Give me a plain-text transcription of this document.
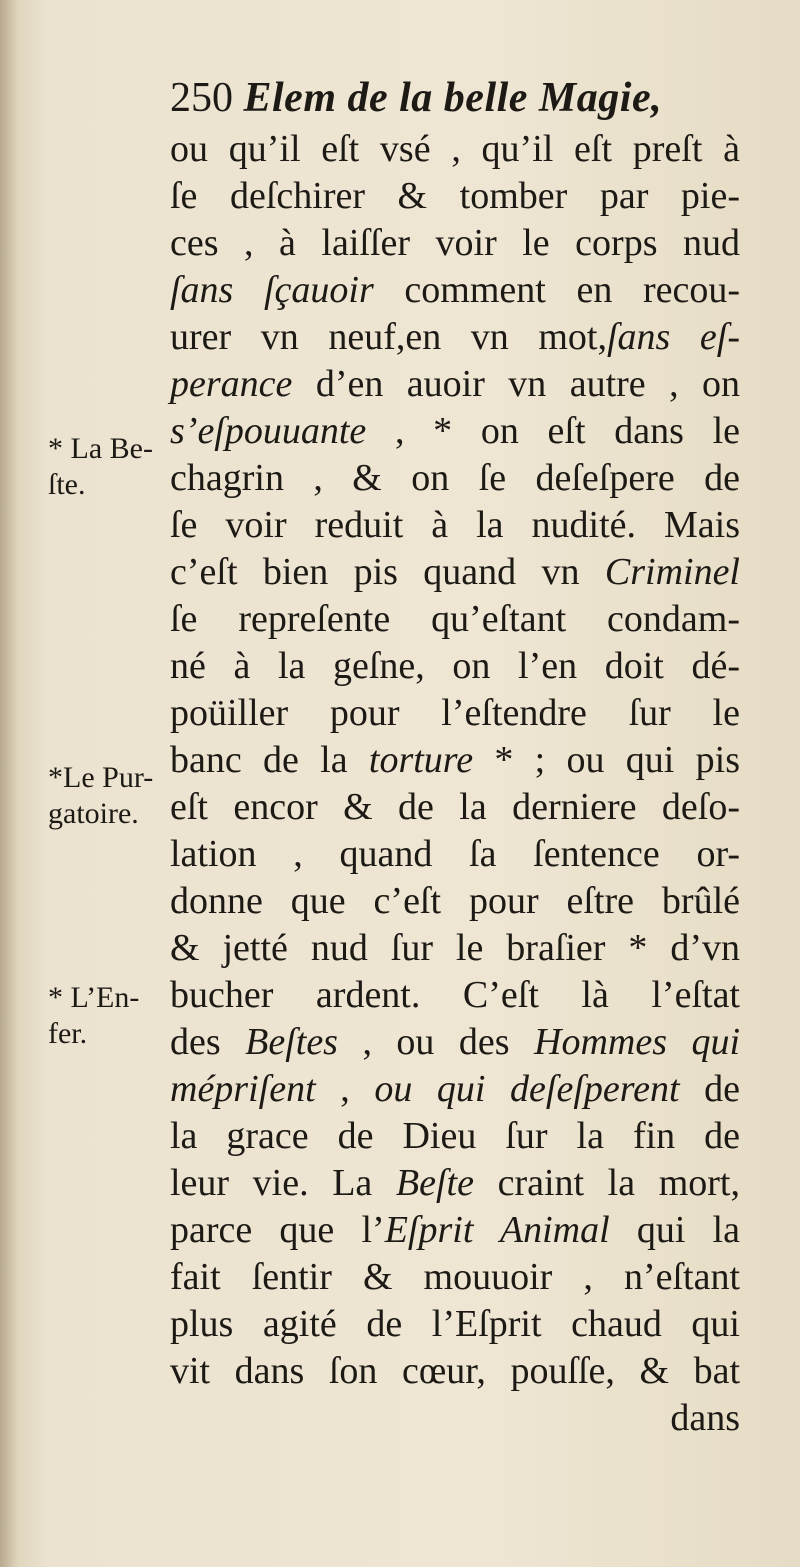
250 Elem de la belle Magie,
ou qu’il eſt vsé , qu’il eſt preſt à
ſe deſchirer & tomber par pie-
ces , à laiſſer voir le corps nud
ſans ſçauoir comment en recou-
urer vn neuf,en vn mot,ſans eſ-
perance d’en auoir vn autre , on
s’eſpouuante , * on eſt dans le
chagrin , & on ſe deſeſpere de
ſe voir reduit à la nudité. Mais
c’eſt bien pis quand vn Criminel
ſe repreſente qu’eſtant condam-
né à la geſne, on l’en doit dé-
poüiller pour l’eſtendre ſur le
banc de la torture * ; ou qui pis
eſt encor & de la derniere deſo-
lation , quand ſa ſentence or-
donne que c’eſt pour eſtre brûlé
& jetté nud ſur le braſier * d’vn
bucher ardent. C’eſt là l’eſtat
des Beſtes , ou des Hommes qui
mépriſent , ou qui deſeſperent de
la grace de Dieu ſur la fin de
leur vie. La Beſte craint la mort,
parce que l’Eſprit Animal qui la
fait ſentir & mouuoir , n’eſtant
plus agité de l’Eſprit chaud qui
vit dans ſon cœur, pouſſe, & bat
dans
* La Be-
ſte.
*Le Pur-
gatoire.
* L’En-
fer.
